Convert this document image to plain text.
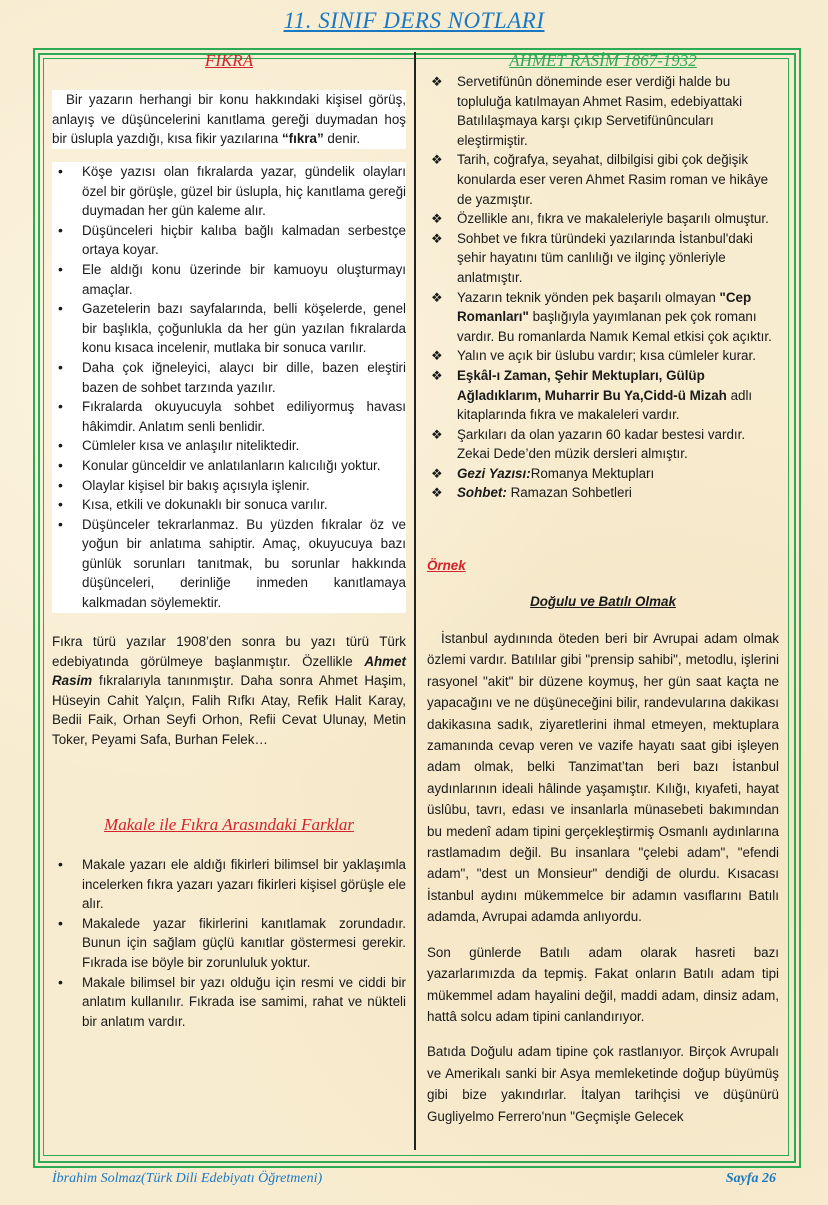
11. SINIF DERS NOTLARI
FIKRA

Bir yazarın herhangi bir konu hakkındaki kişisel görüş, anlayış ve düşüncelerini kanıtlama gereği duymadan hoş bir üslupla yazdığı, kısa fikir yazılarına “fıkra” denir.

• Köşe yazısı olan fıkralarda yazar, gündelik olayları özel bir görüşle, güzel bir üslupla, hiç kanıtlama gereği duymadan her gün kaleme alır.
• Düşünceleri hiçbir kalıba bağlı kalmadan serbestçe ortaya koyar.
• Ele aldığı konu üzerinde bir kamuoyu oluşturmayı amaçlar.
• Gazetelerin bazı sayfalarında, belli köşelerde, genel bir başlıkla, çoğunlukla da her gün yazılan fıkralarda konu kısaca incelenir, mutlaka bir sonuca varılır.
• Daha çok iğneleyici, alaycı bir dille, bazen eleştiri bazen de sohbet tarzında yazılır.
• Fıkralarda okuyucuyla sohbet ediliyormuş havası hâkimdir. Anlatım senli benlidir.
• Cümleler kısa ve anlaşılır niteliktedir.
• Konular günceldir ve anlatılanların kalıcılığı yoktur.
• Olaylar kişisel bir bakış açısıyla işlenir.
• Kısa, etkili ve dokunaklı bir sonuca varılır.
• Düşünceler tekrarlanmaz. Bu yüzden fıkralar öz ve yoğun bir anlatıma sahiptir. Amaç, okuyucuya bazı günlük sorunları tanıtmak, bu sorunlar hakkında düşünceleri, derinliğe inmeden kanıtlamaya kalkmadan söylemektir.

Fıkra türü yazılar 1908’den sonra bu yazı türü Türk edebiyatında görülmeye başlanmıştır. Özellikle Ahmet Rasim fıkralarıyla tanınmıştır. Daha sonra Ahmet Haşim, Hüseyin Cahit Yalçın, Falih Rıfkı Atay, Refik Halit Karay, Bedii Faik, Orhan Seyfi Orhon, Refii Cevat Ulunay, Metin Toker, Peyami Safa, Burhan Felek…

Makale ile Fıkra Arasındaki Farklar
• Makale yazarı ele aldığı fikirleri bilimsel bir yaklaşımla incelerken fıkra yazarı yazarı fikirleri kişisel görüşle ele alır.
• Makalede yazar fikirlerini kanıtlamak zorundadır. Bunun için sağlam güçlü kanıtlar göstermesi gerekir. Fıkrada ise böyle bir zorunluluk yoktur.
• Makale bilimsel bir yazı olduğu için resmi ve ciddi bir anlatım kullanılır. Fıkrada ise samimi, rahat ve nükteli bir anlatım vardır.
AHMET RASİM 1867-1932
❖ Servetifünûn döneminde eser verdiği halde bu topluluğa katılmayan Ahmet Rasim, edebiyattaki Batılılaşmaya karşı çıkıp Servetifünûncuları eleştirmiştir.
❖ Tarih, coğrafya, seyahat, dilbilgisi gibi çok değişik konularda eser veren Ahmet Rasim roman ve hikâye de yazmıştır.
❖ Özellikle anı, fıkra ve makaleleriyle başarılı olmuştur.
❖ Sohbet ve fıkra türündeki yazılarında İstanbul'daki şehir hayatını tüm canlılığı ve ilginç yönleriyle anlatmıştır.
❖ Yazarın teknik yönden pek başarılı olmayan "Cep Romanları" başlığıyla yayımlanan pek çok romanı vardır. Bu romanlarda Namık Kemal etkisi çok açıktır.
❖ Yalın ve açık bir üslubu vardır; kısa cümleler kurar.
❖ Eşkâl-ı Zaman, Şehir Mektupları, Gülüp Ağladıklarım, Muharrir Bu Ya,Cidd-ü Mizah adlı kitaplarında fıkra ve makaleleri vardır.
❖ Şarkıları da olan yazarın 60 kadar bestesi vardır. Zekai Dede’den müzik dersleri almıştır.
❖ Gezi Yazısı:Romanya Mektupları
❖ Sohbet: Ramazan Sohbetleri
Örnek
Doğulu ve Batılı Olmak

İstanbul aydınında öteden beri bir Avrupai adam olmak özlemi vardır. Batılılar gibi "prensip sahibi", metodlu, işlerini rasyonel "akit" bir düzene koymuş, her gün saat kaçta ne yapacağını ve ne düşüneceğini bilir, randevularına dakikası dakikasına sadık, ziyaretlerini ihmal etmeyen, mektuplara zamanında cevap veren ve vazife hayatı saat gibi işleyen adam olmak, belki Tanzimat’tan beri bazı İstanbul aydınlarının ideali hâlinde yaşamıştır. Kılığı, kıyafeti, hayat üslûbu, tavrı, edası ve insanlarla münasebeti bakımından bu medenî adam tipini gerçekleştirmiş Osmanlı aydınlarına rastlamadım değil. Bu insanlara "çelebi adam", "efendi adam", "dest un Monsieur" dendiği de olurdu. Kısacası İstanbul aydını mükemmelce bir adamın vasıflarını Batılı adamda, Avrupai adamda anlıyordu.

Son günlerde Batılı adam olarak hasreti bazı yazarlarımızda da tepmiş. Fakat onların Batılı adam tipi mükemmel adam hayalini değil, maddi adam, dinsiz adam, hattâ solcu adam tipini canlandırıyor.

Batıda Doğulu adam tipine çok rastlanıyor. Birçok Avrupalı ve Amerikalı sanki bir Asya memleketinde doğup büyümüş gibi bize yakındırlar. İtalyan tarihçisi ve düşünürü Gugliyelmo Ferrero'nun "Geçmişle Gelecek

İbrahim Solmaz(Türk Dili Edebiyatı Öğretmeni)	Sayfa 26
